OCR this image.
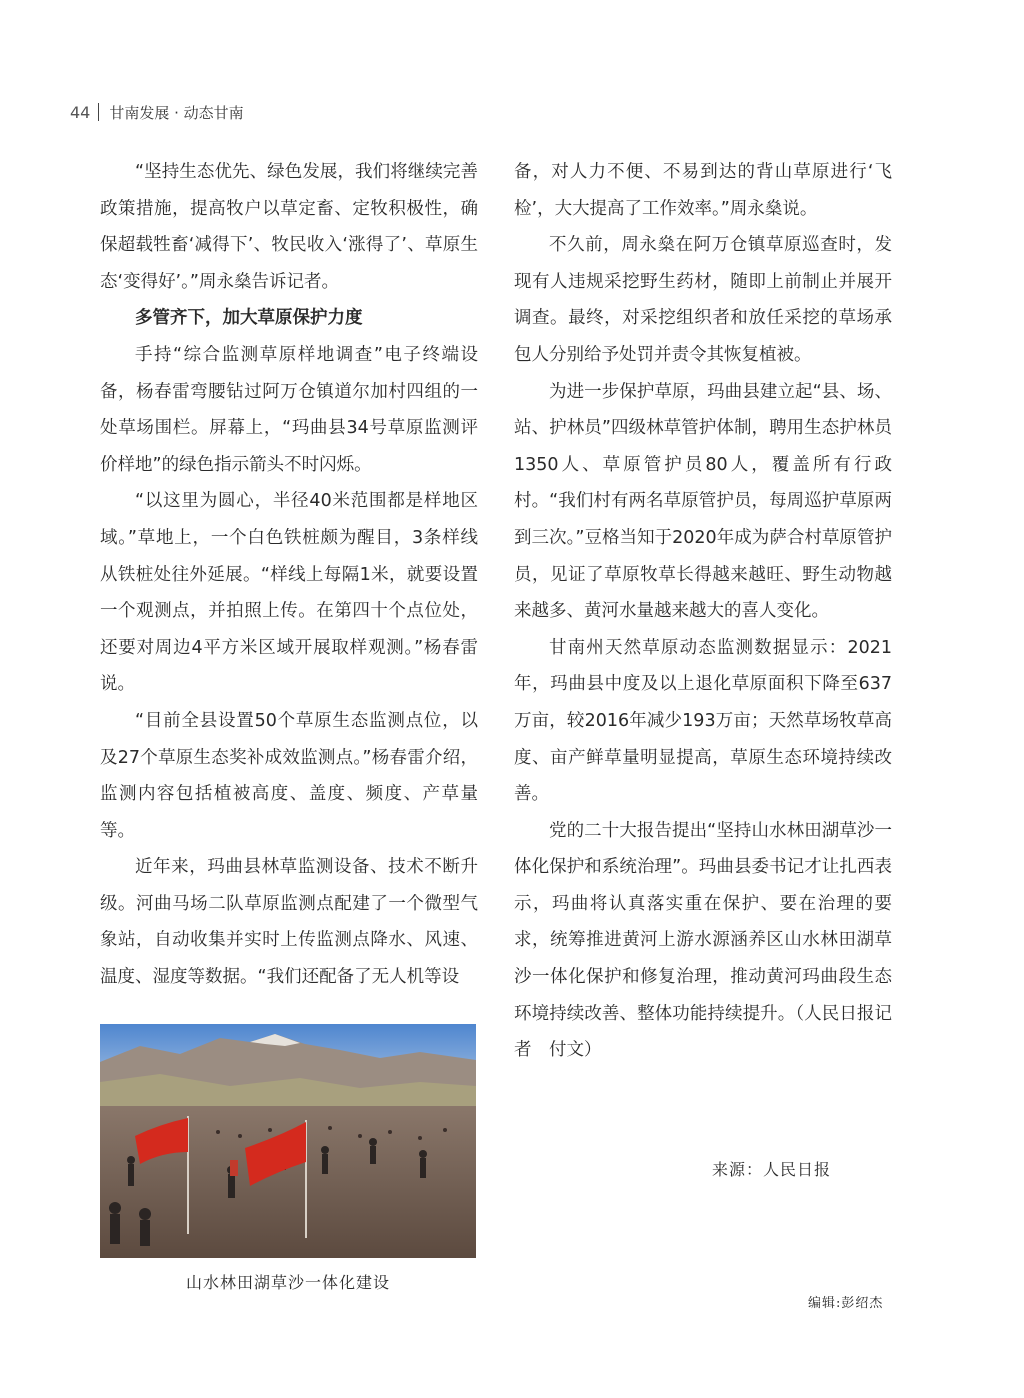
44 甘南发展 · 动态甘南

“坚持生态优先、绿色发展，我们将继续完善政策措施，提高牧户以草定畜、定牧积极性，确保超载牲畜‘减得下’、牧民收入‘涨得了’、草原生态‘变得好’。”周永燊告诉记者。

多管齐下，加大草原保护力度

手持“综合监测草原样地调查”电子终端设备，杨春雷弯腰钻过阿万仓镇道尔加村四组的一处草场围栏。屏幕上，“玛曲县34号草原监测评价样地”的绿色指示箭头不时闪烁。

“以这里为圆心，半径40米范围都是样地区域。”草地上，一个白色铁桩颇为醒目，3条样线从铁桩处往外延展。“样线上每隔1米，就要设置一个观测点，并拍照上传。在第四十个点位处，还要对周边4平方米区域开展取样观测。”杨春雷说。

“目前全县设置50个草原生态监测点位，以及27个草原生态奖补成效监测点。”杨春雷介绍，监测内容包括植被高度、盖度、频度、产草量等。

近年来，玛曲县林草监测设备、技术不断升级。河曲马场二队草原监测点配建了一个微型气象站，自动收集并实时上传监测点降水、风速、温度、湿度等数据。“我们还配备了无人机等设

备，对人力不便、不易到达的背山草原进行‘飞检’，大大提高了工作效率。”周永燊说。

不久前，周永燊在阿万仓镇草原巡查时，发现有人违规采挖野生药材，随即上前制止并展开调查。最终，对采挖组织者和放任采挖的草场承包人分别给予处罚并责令其恢复植被。

为进一步保护草原，玛曲县建立起“县、场、站、护林员”四级林草管护体制，聘用生态护林员1350人、草原管护员80人，覆盖所有行政村。“我们村有两名草原管护员，每周巡护草原两到三次。”豆格当知于2020年成为萨合村草原管护员，见证了草原牧草长得越来越旺、野生动物越来越多、黄河水量越来越大的喜人变化。

甘南州天然草原动态监测数据显示：2021年，玛曲县中度及以上退化草原面积下降至637万亩，较2016年减少193万亩；天然草场牧草高度、亩产鲜草量明显提高，草原生态环境持续改善。

党的二十大报告提出“坚持山水林田湖草沙一体化保护和系统治理”。玛曲县委书记才让扎西表示，玛曲将认真落实重在保护、要在治理的要求，统筹推进黄河上游水源涵养区山水林田湖草沙一体化保护和修复治理，推动黄河玛曲段生态环境持续改善、整体功能持续提升。（人民日报记者　付文）

山水林田湖草沙一体化建设
来源：人民日报
编辑:彭绍杰
